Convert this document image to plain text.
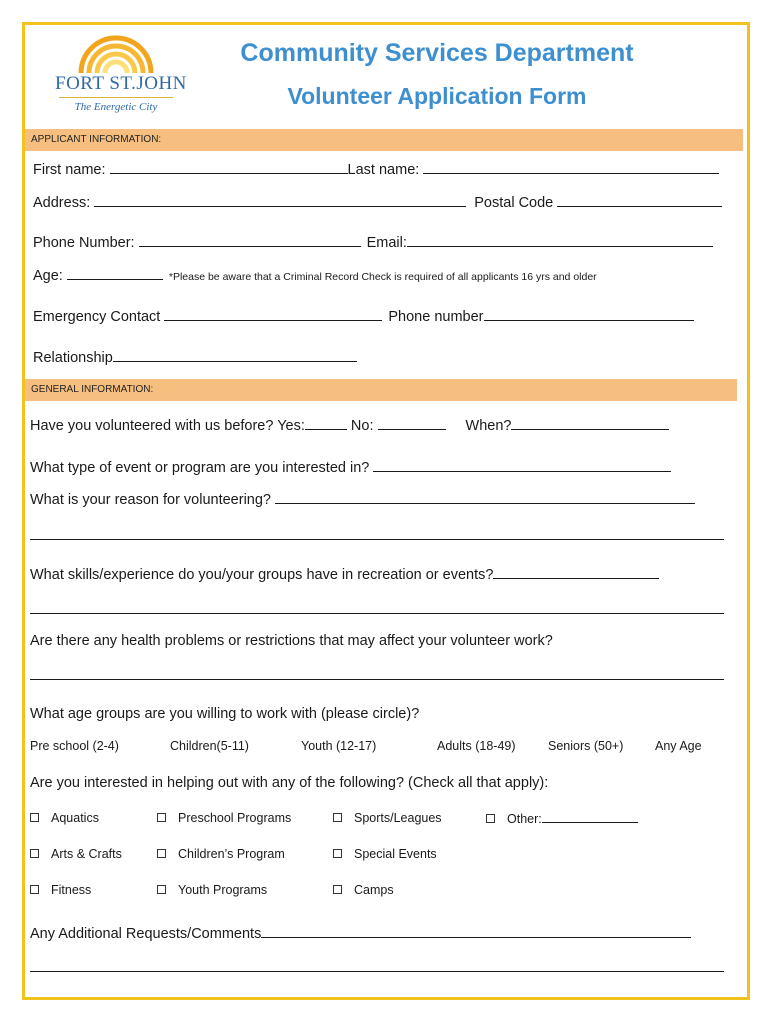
FORT ST.JOHN
The Energetic City
Community Services Department
Volunteer Application Form
APPLICANT INFORMATION:
First name:	Last name:
Address:	Postal Code
Phone Number:	Email:
Age:	*Please be aware that a Criminal Record Check is required of all applicants 16 yrs and older
Emergency Contact	Phone number
Relationship
GENERAL INFORMATION:
Have you volunteered with us before? Yes:	No:	When?
What type of event or program are you interested in?
What is your reason for volunteering?
What skills/experience do you/your groups have in recreation or events?
Are there any health problems or restrictions that may affect your volunteer work?
What age groups are you willing to work with (please circle)?
Pre school (2-4)	Children(5-11)	Youth (12-17)	Adults (18-49)	Seniors (50+)	Any Age
Are you interested in helping out with any of the following? (Check all that apply):
Aquatics	Preschool Programs	Sports/Leagues	Other:
Arts & Crafts	Children’s Program	Special Events
Fitness	Youth Programs	Camps
Any Additional Requests/Comments
